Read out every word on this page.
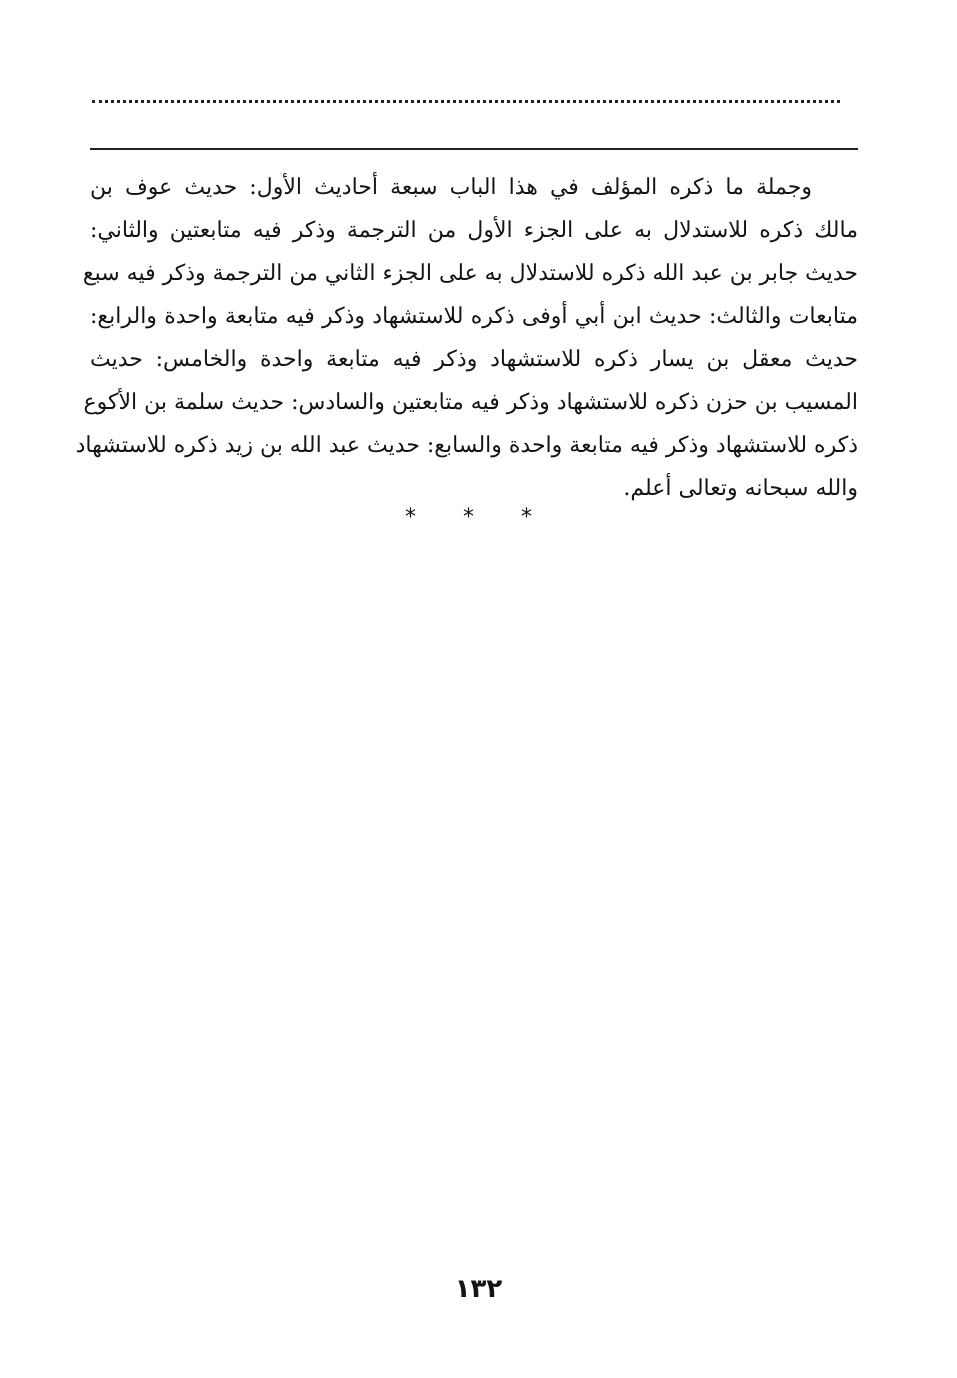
وجملة ما ذكره المؤلف في هذا الباب سبعة أحاديث الأول: حديث عوف بن
مالك ذكره للاستدلال به على الجزء الأول من الترجمة وذكر فيه متابعتين والثاني:
حديث جابر بن عبد الله ذكره للاستدلال به على الجزء الثاني من الترجمة وذكر فيه سبع
متابعات والثالث: حديث ابن أبي أوفى ذكره للاستشهاد وذكر فيه متابعة واحدة والرابع:
حديث معقل بن يسار ذكره للاستشهاد وذكر فيه متابعة واحدة والخامس: حديث
المسيب بن حزن ذكره للاستشهاد وذكر فيه متابعتين والسادس: حديث سلمة بن الأكوع
ذكره للاستشهاد وذكر فيه متابعة واحدة والسابع: حديث عبد الله بن زيد ذكره للاستشهاد
والله سبحانه وتعالى أعلم.
* * *
١٣٢
